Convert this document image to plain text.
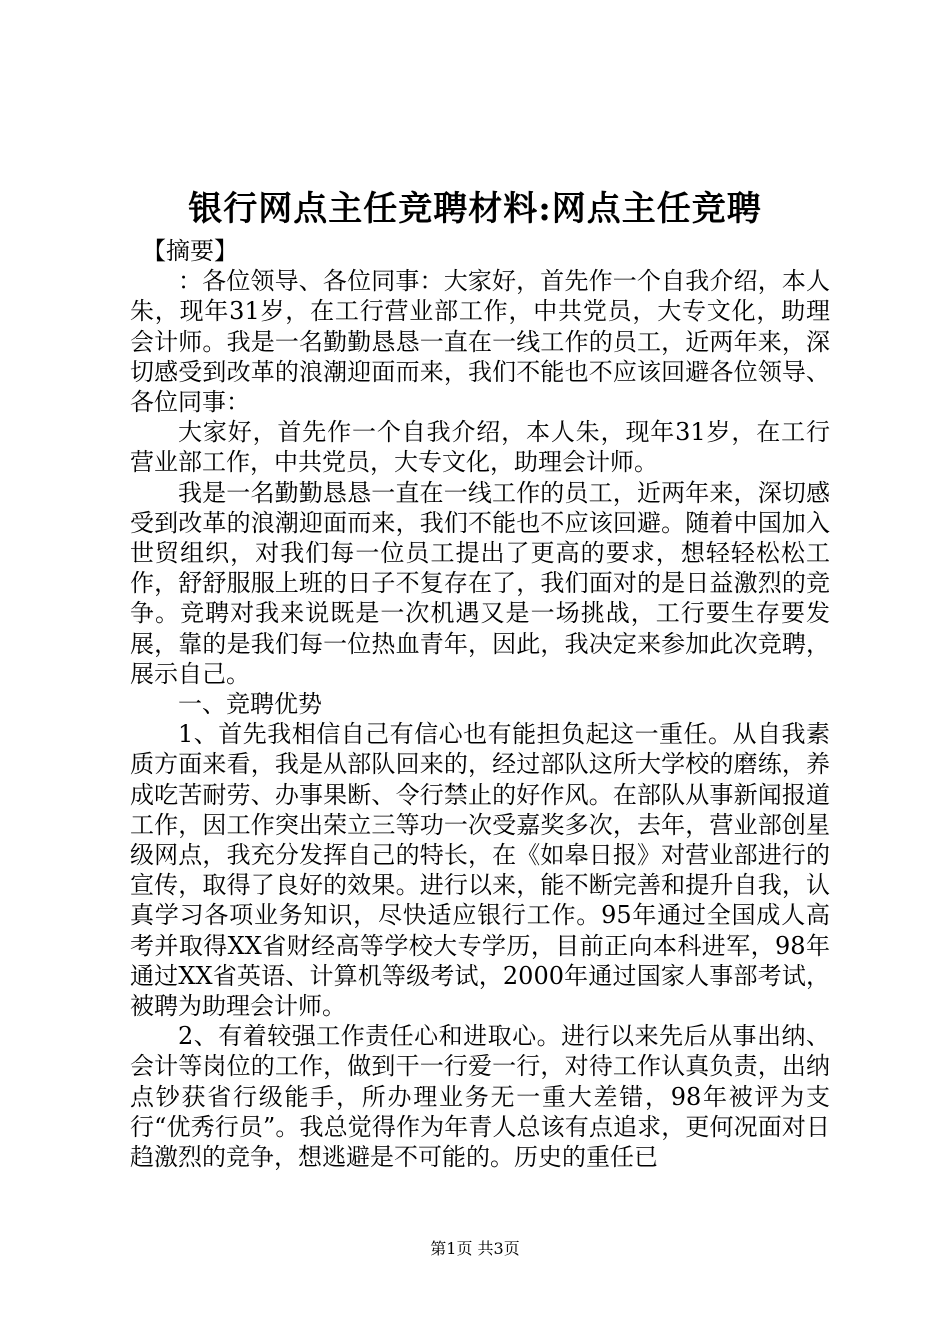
银行网点主任竞聘材料:网点主任竞聘

【摘要】

：各位领导、各位同事：大家好，首先作一个自我介绍，本人朱，现年31岁，在工行营业部工作，中共党员，大专文化，助理会计师。我是一名勤勤恳恳一直在一线工作的员工，近两年来，深切感受到改革的浪潮迎面而来，我们不能也不应该回避各位领导、各位同事：

大家好，首先作一个自我介绍，本人朱，现年31岁，在工行营业部工作，中共党员，大专文化，助理会计师。

我是一名勤勤恳恳一直在一线工作的员工，近两年来，深切感受到改革的浪潮迎面而来，我们不能也不应该回避。随着中国加入世贸组织，对我们每一位员工提出了更高的要求，想轻轻松松工作，舒舒服服上班的日子不复存在了，我们面对的是日益激烈的竞争。竞聘对我来说既是一次机遇又是一场挑战，工行要生存要发展，靠的是我们每一位热血青年，因此，我决定来参加此次竞聘，展示自己。

一、竞聘优势

1、首先我相信自己有信心也有能担负起这一重任。从自我素质方面来看，我是从部队回来的，经过部队这所大学校的磨练，养成吃苦耐劳、办事果断、令行禁止的好作风。在部队从事新闻报道工作，因工作突出荣立三等功一次受嘉奖多次，去年，营业部创星级网点，我充分发挥自己的特长，在《如皋日报》对营业部进行的宣传，取得了良好的效果。进行以来，能不断完善和提升自我，认真学习各项业务知识，尽快适应银行工作。95年通过全国成人高考并取得XX省财经高等学校大专学历，目前正向本科进军，98年通过XX省英语、计算机等级考试，2000年通过国家人事部考试，被聘为助理会计师。

2、有着较强工作责任心和进取心。进行以来先后从事出纳、会计等岗位的工作，做到干一行爱一行，对待工作认真负责，出纳点钞获省行级能手，所办理业务无一重大差错，98年被评为支行“优秀行员”。我总觉得作为年青人总该有点追求，更何况面对日趋激烈的竞争，想逃避是不可能的。历史的重任已

第1页 共3页
